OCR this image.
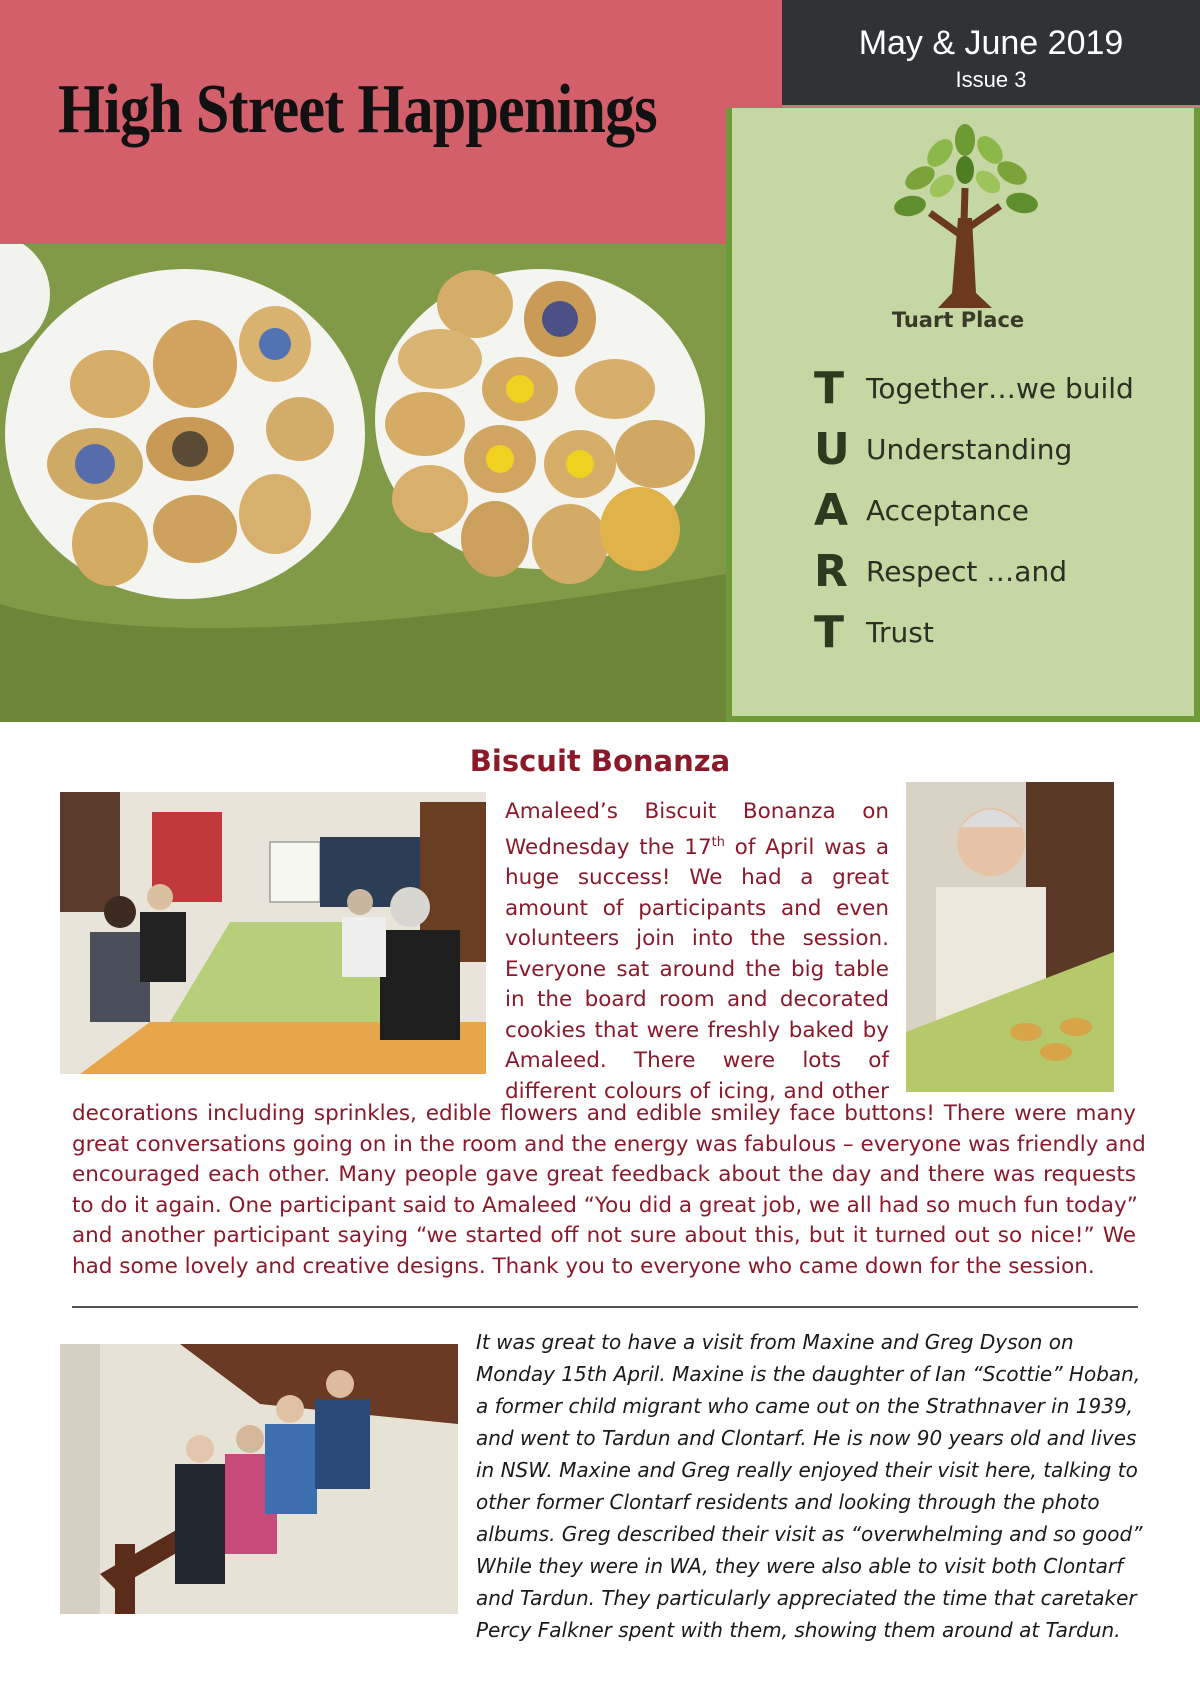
High Street Happenings
May & June 2019
Issue 3
Tuart Place
T Together…we build
U Understanding
A Acceptance
R Respect …and
T Trust
Biscuit Bonanza
Amaleed’s Biscuit Bonanza on
Wednesday the 17th of April was a
huge success! We had a great
amount of participants and even
volunteers join into the session.
Everyone sat around the big table
in the board room and decorated
cookies that were freshly baked by
Amaleed. There were lots of
different colours of icing, and other
decorations including sprinkles, edible flowers and edible smiley face buttons! There were many
great conversations going on in the room and the energy was fabulous – everyone was friendly and
encouraged each other. Many people gave great feedback about the day and there was requests
to do it again. One participant said to Amaleed “You did a great job, we all had so much fun today”
and another participant saying “we started off not sure about this, but it turned out so nice!” We
had some lovely and creative designs. Thank you to everyone who came down for the session.
It was great to have a visit from Maxine and Greg Dyson on
Monday 15th April. Maxine is the daughter of Ian “Scottie” Hoban,
a former child migrant who came out on the Strathnaver in 1939,
and went to Tardun and Clontarf. He is now 90 years old and lives
in NSW. Maxine and Greg really enjoyed their visit here, talking to
other former Clontarf residents and looking through the photo
albums. Greg described their visit as “overwhelming and so good”
While they were in WA, they were also able to visit both Clontarf
and Tardun. They particularly appreciated the time that caretaker
Percy Falkner spent with them, showing them around at Tardun.
